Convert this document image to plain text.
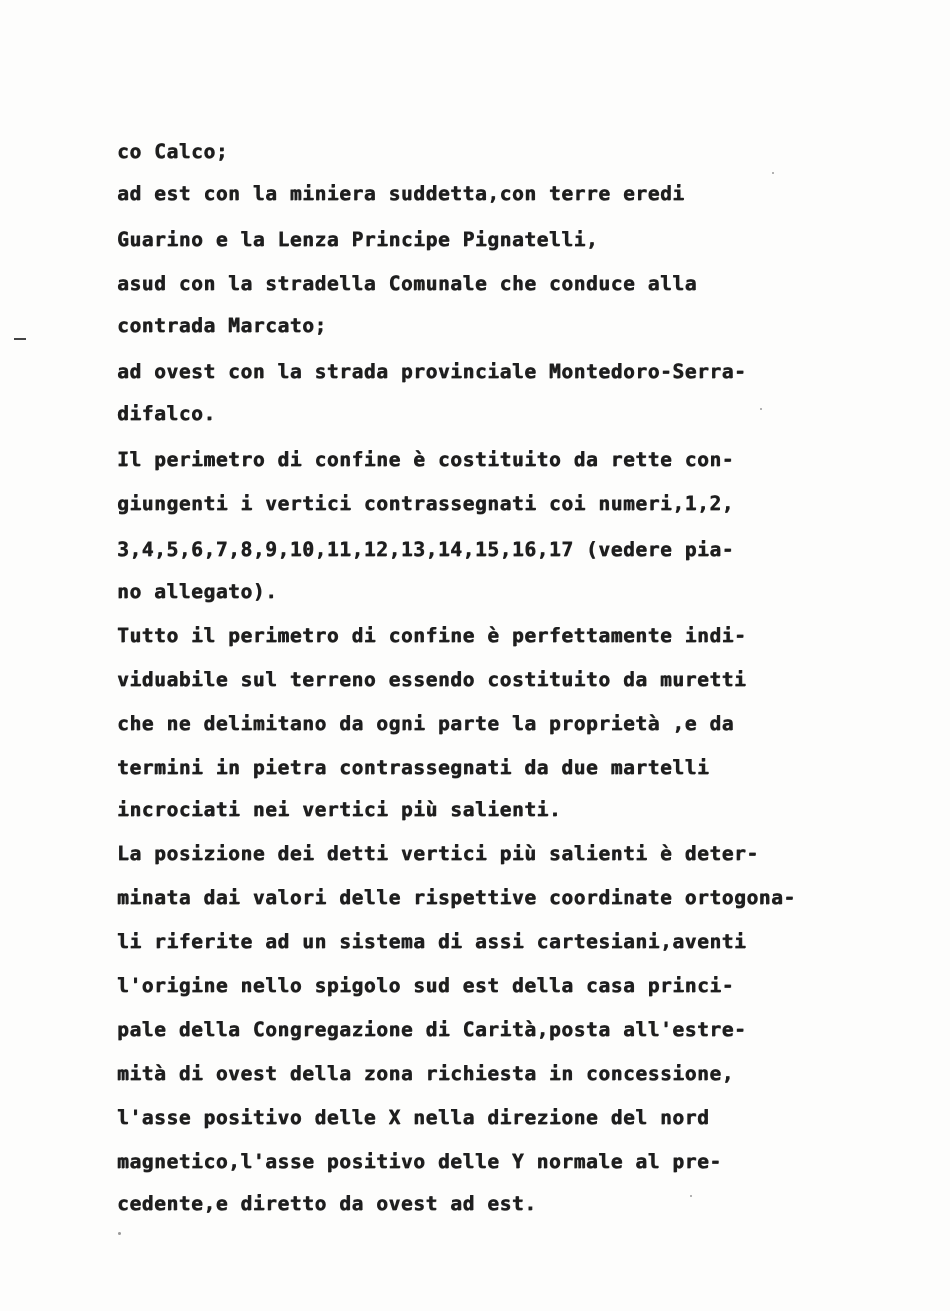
co Calco;

ad est con la miniera suddetta,con terre eredi

Guarino e la Lenza Principe Pignatelli,

asud con la stradella Comunale che conduce alla

contrada Marcato;

ad ovest con la strada provinciale Montedoro-Serra-

difalco.

Il perimetro di confine è costituito da rette con-

giungenti i vertici contrassegnati coi numeri,1,2,

3,4,5,6,7,8,9,10,11,12,13,14,15,16,17 (vedere pia-

no allegato).

Tutto il perimetro di confine è perfettamente indi-

viduabile sul terreno essendo costituito da muretti

che ne delimitano da ogni parte la proprietà ,e da

termini in pietra contrassegnati da due martelli

incrociati nei vertici più salienti.

La posizione dei detti vertici più salienti è deter-

minata dai valori delle rispettive coordinate ortogona-

li riferite ad un sistema di assi cartesiani,aventi

l'origine nello spigolo sud est della casa princi-

pale della Congregazione di Carità,posta all'estre-

mità di ovest della zona richiesta in concessione,

l'asse positivo delle X nella direzione del nord

magnetico,l'asse positivo delle Y normale al pre-

cedente,e diretto da ovest ad est.
